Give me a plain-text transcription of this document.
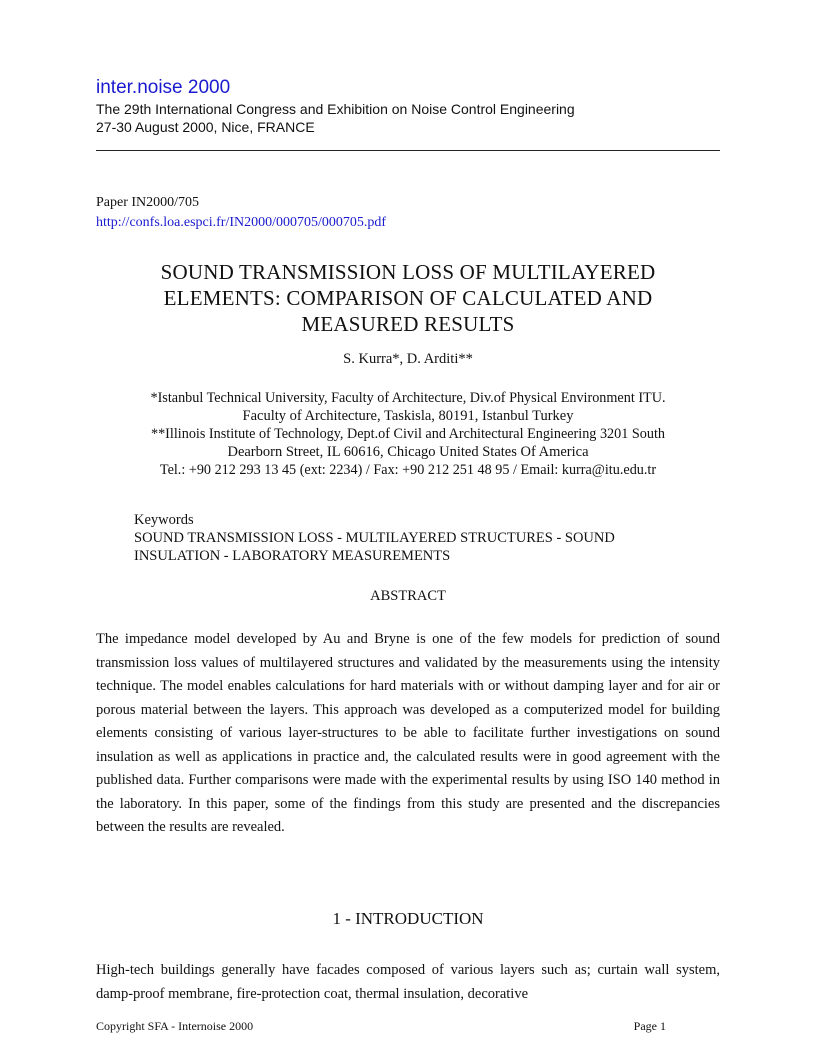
inter.noise 2000
The 29th International Congress and Exhibition on Noise Control Engineering
27-30 August 2000, Nice, FRANCE
Paper IN2000/705
http://confs.loa.espci.fr/IN2000/000705/000705.pdf
SOUND TRANSMISSION LOSS OF MULTILAYERED
ELEMENTS: COMPARISON OF CALCULATED AND
MEASURED RESULTS
S. Kurra*, D. Arditi**
*Istanbul Technical University, Faculty of Architecture, Div.of Physical Environment ITU.
Faculty of Architecture, Taskisla, 80191, Istanbul Turkey
**Illinois Institute of Technology, Dept.of Civil and Architectural Engineering 3201 South
Dearborn Street, IL 60616, Chicago United States Of America
Tel.: +90 212 293 13 45 (ext: 2234) / Fax: +90 212 251 48 95 / Email: kurra@itu.edu.tr
Keywords
SOUND TRANSMISSION LOSS - MULTILAYERED STRUCTURES - SOUND
INSULATION - LABORATORY MEASUREMENTS
ABSTRACT

The impedance model developed by Au and Bryne is one of the few models for prediction of sound transmission loss values of multilayered structures and validated by the measurements using the intensity technique. The model enables calculations for hard materials with or without damping layer and for air or porous material between the layers. This approach was developed as a computerized model for building elements consisting of various layer-structures to be able to facilitate further investigations on sound insulation as well as applications in practice and, the calculated results were in good agreement with the published data. Further comparisons were made with the experimental results by using ISO 140 method in the laboratory. In this paper, some of the findings from this study are presented and the discrepancies between the results are revealed.

1 - INTRODUCTION

High-tech buildings generally have facades composed of various layers such as; curtain wall system, damp-proof membrane, fire-protection coat, thermal insulation, decorative

Copyright SFA - Internoise 2000	Page 1
